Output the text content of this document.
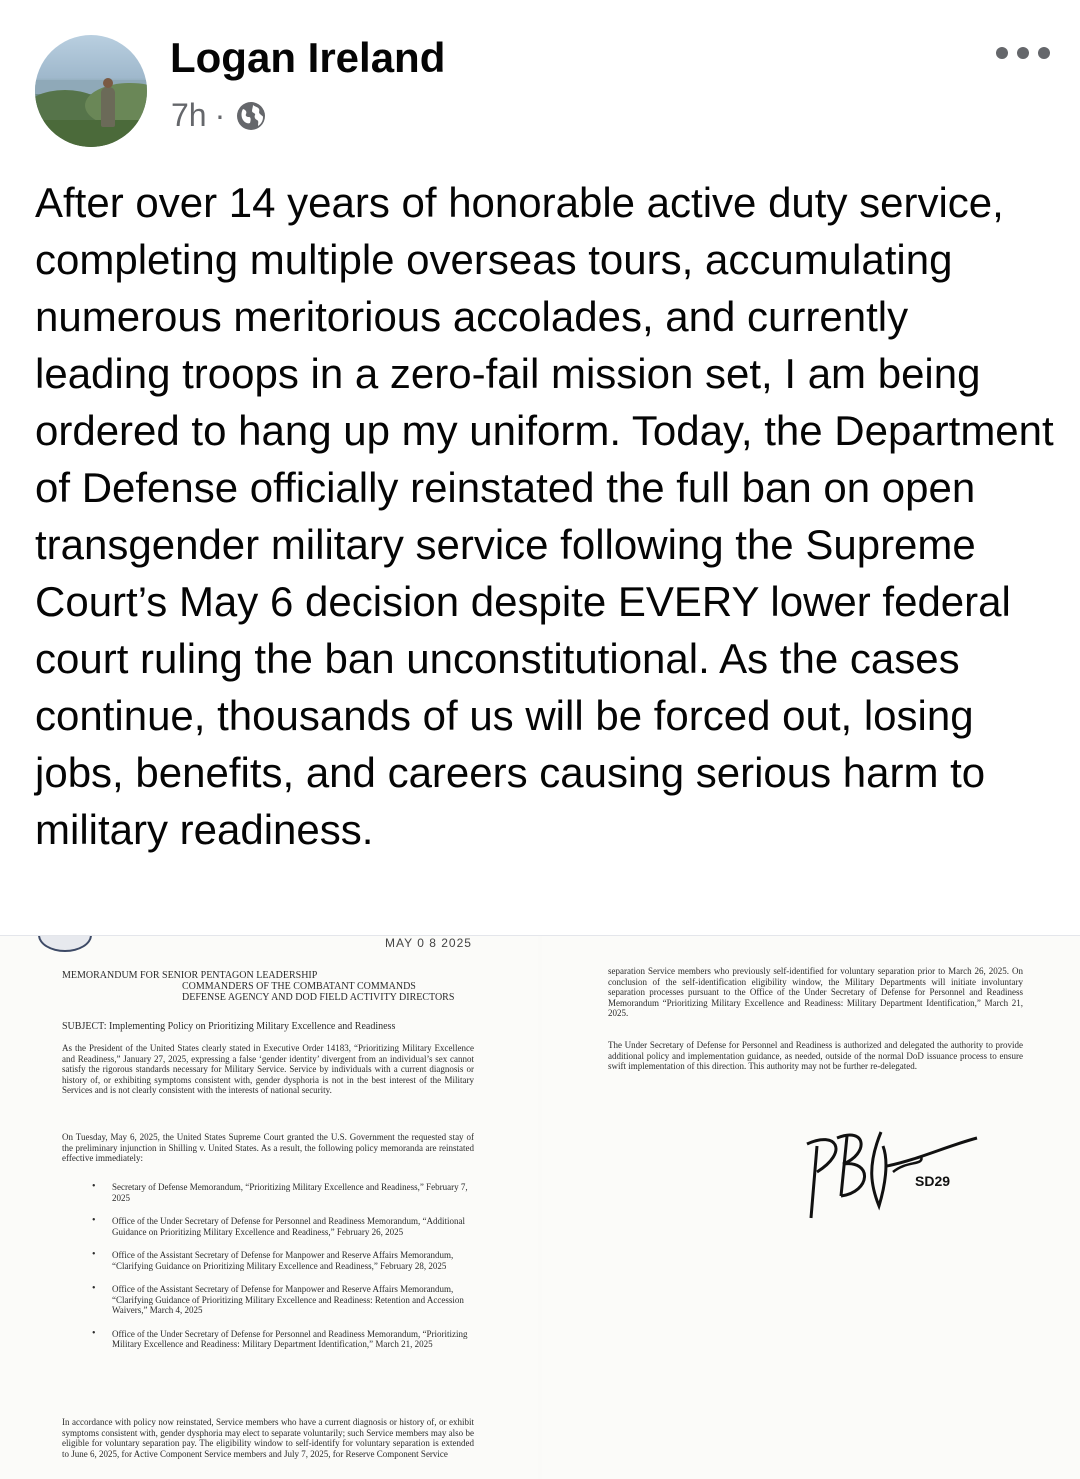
Logan Ireland
7h ·
After over 14 years of honorable active duty service, completing multiple overseas tours, accumulating numerous meritorious accolades, and currently leading troops in a zero-fail mission set, I am being ordered to hang up my uniform. Today, the Department of Defense officially reinstated the full ban on open transgender military service following the Supreme Court’s May 6 decision despite EVERY lower federal court ruling the ban unconstitutional. As the cases continue, thousands of us will be forced out, losing jobs, benefits, and careers causing serious harm to military readiness.
MAY 0 8 2025
MEMORANDUM FOR SENIOR PENTAGON LEADERSHIP
COMMANDERS OF THE COMBATANT COMMANDS
DEFENSE AGENCY AND DOD FIELD ACTIVITY DIRECTORS
SUBJECT: Implementing Policy on Prioritizing Military Excellence and Readiness
As the President of the United States clearly stated in Executive Order 14183, “Prioritizing Military Excellence and Readiness,” January 27, 2025, expressing a false ‘gender identity’ divergent from an individual’s sex cannot satisfy the rigorous standards necessary for Military Service. Service by individuals with a current diagnosis or history of, or exhibiting symptoms consistent with, gender dysphoria is not in the best interest of the Military Services and is not clearly consistent with the interests of national security.
On Tuesday, May 6, 2025, the United States Supreme Court granted the U.S. Government the requested stay of the preliminary injunction in Shilling v. United States. As a result, the following policy memoranda are reinstated effective immediately:
• Secretary of Defense Memorandum, “Prioritizing Military Excellence and Readiness,” February 7, 2025
• Office of the Under Secretary of Defense for Personnel and Readiness Memorandum, “Additional Guidance on Prioritizing Military Excellence and Readiness,” February 26, 2025
• Office of the Assistant Secretary of Defense for Manpower and Reserve Affairs Memorandum, “Clarifying Guidance on Prioritizing Military Excellence and Readiness,” February 28, 2025
• Office of the Assistant Secretary of Defense for Manpower and Reserve Affairs Memorandum, “Clarifying Guidance of Prioritizing Military Excellence and Readiness: Retention and Accession Waivers,” March 4, 2025
• Office of the Under Secretary of Defense for Personnel and Readiness Memorandum, “Prioritizing Military Excellence and Readiness: Military Department Identification,” March 21, 2025
In accordance with policy now reinstated, Service members who have a current diagnosis or history of, or exhibit symptoms consistent with, gender dysphoria may elect to separate voluntarily; such Service members may also be eligible for voluntary separation pay. The eligibility window to self-identify for voluntary separation is extended to June 6, 2025, for Active Component Service members and July 7, 2025, for Reserve Component Service
separation Service members who previously self-identified for voluntary separation prior to March 26, 2025. On conclusion of the self-identification eligibility window, the Military Departments will initiate involuntary separation processes pursuant to the Office of the Under Secretary of Defense for Personnel and Readiness Memorandum “Prioritizing Military Excellence and Readiness: Military Department Identification,” March 21, 2025.
The Under Secretary of Defense for Personnel and Readiness is authorized and delegated the authority to provide additional policy and implementation guidance, as needed, outside of the normal DoD issuance process to ensure swift implementation of this direction. This authority may not be further re-delegated.
SD29
